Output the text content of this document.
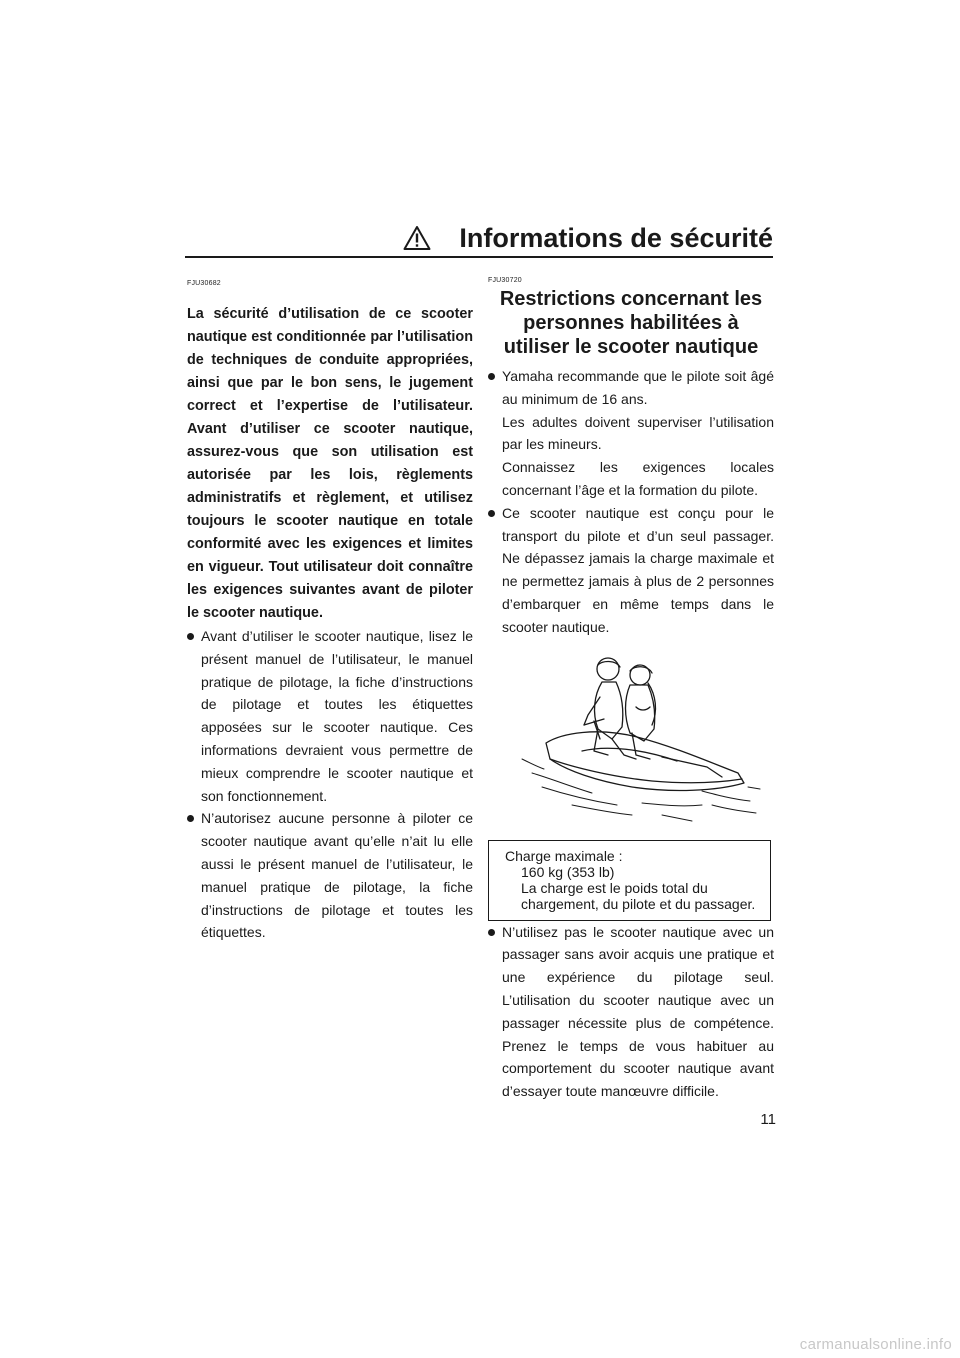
Informations de sécurité
FJU30682
La sécurité d’utilisation de ce scooter nautique est conditionnée par l’utilisation de techniques de conduite appropriées, ainsi que par le bon sens, le jugement correct et l’expertise de l’utilisateur. Avant d’utiliser ce scooter nautique, assurez-vous que son utilisation est autorisée par les lois, règlements administratifs et règlement, et utilisez toujours le scooter nautique en totale conformité avec les exigences et limites en vigueur. Tout utilisateur doit connaître les exigences suivantes avant de piloter le scooter nautique.

Avant d’utiliser le scooter nautique, lisez le présent manuel de l’utilisateur, le manuel pratique de pilotage, la fiche d’instructions de pilotage et toutes les étiquettes apposées sur le scooter nautique. Ces informations devraient vous permettre de mieux comprendre le scooter nautique et son fonctionnement.

N’autorisez aucune personne à piloter ce scooter nautique avant qu’elle n’ait lu elle aussi le présent manuel de l’utilisateur, le manuel pratique de pilotage, la fiche d’instructions de pilotage et toutes les étiquettes.

FJU30720
Restrictions concernant les personnes habilitées à utiliser le scooter nautique

Yamaha recommande que le pilote soit âgé au minimum de 16 ans.

Les adultes doivent superviser l’utilisation par les mineurs.

Connaissez les exigences locales concernant l’âge et la formation du pilote.

Ce scooter nautique est conçu pour le transport du pilote et d’un seul passager. Ne dépassez jamais la charge maximale et ne permettez jamais à plus de 2 personnes d’embarquer en même temps dans le scooter nautique.

Charge maximale :
160 kg (353 lb)
La charge est le poids total du chargement, du pilote et du passager.

N’utilisez pas le scooter nautique avec un passager sans avoir acquis une pratique et une expérience du pilotage seul. L’utilisation du scooter nautique avec un passager nécessite plus de compétence. Prenez le temps de vous habituer au comportement du scooter nautique avant d’essayer toute manœuvre difficile.

11
carmanualsonline.info
